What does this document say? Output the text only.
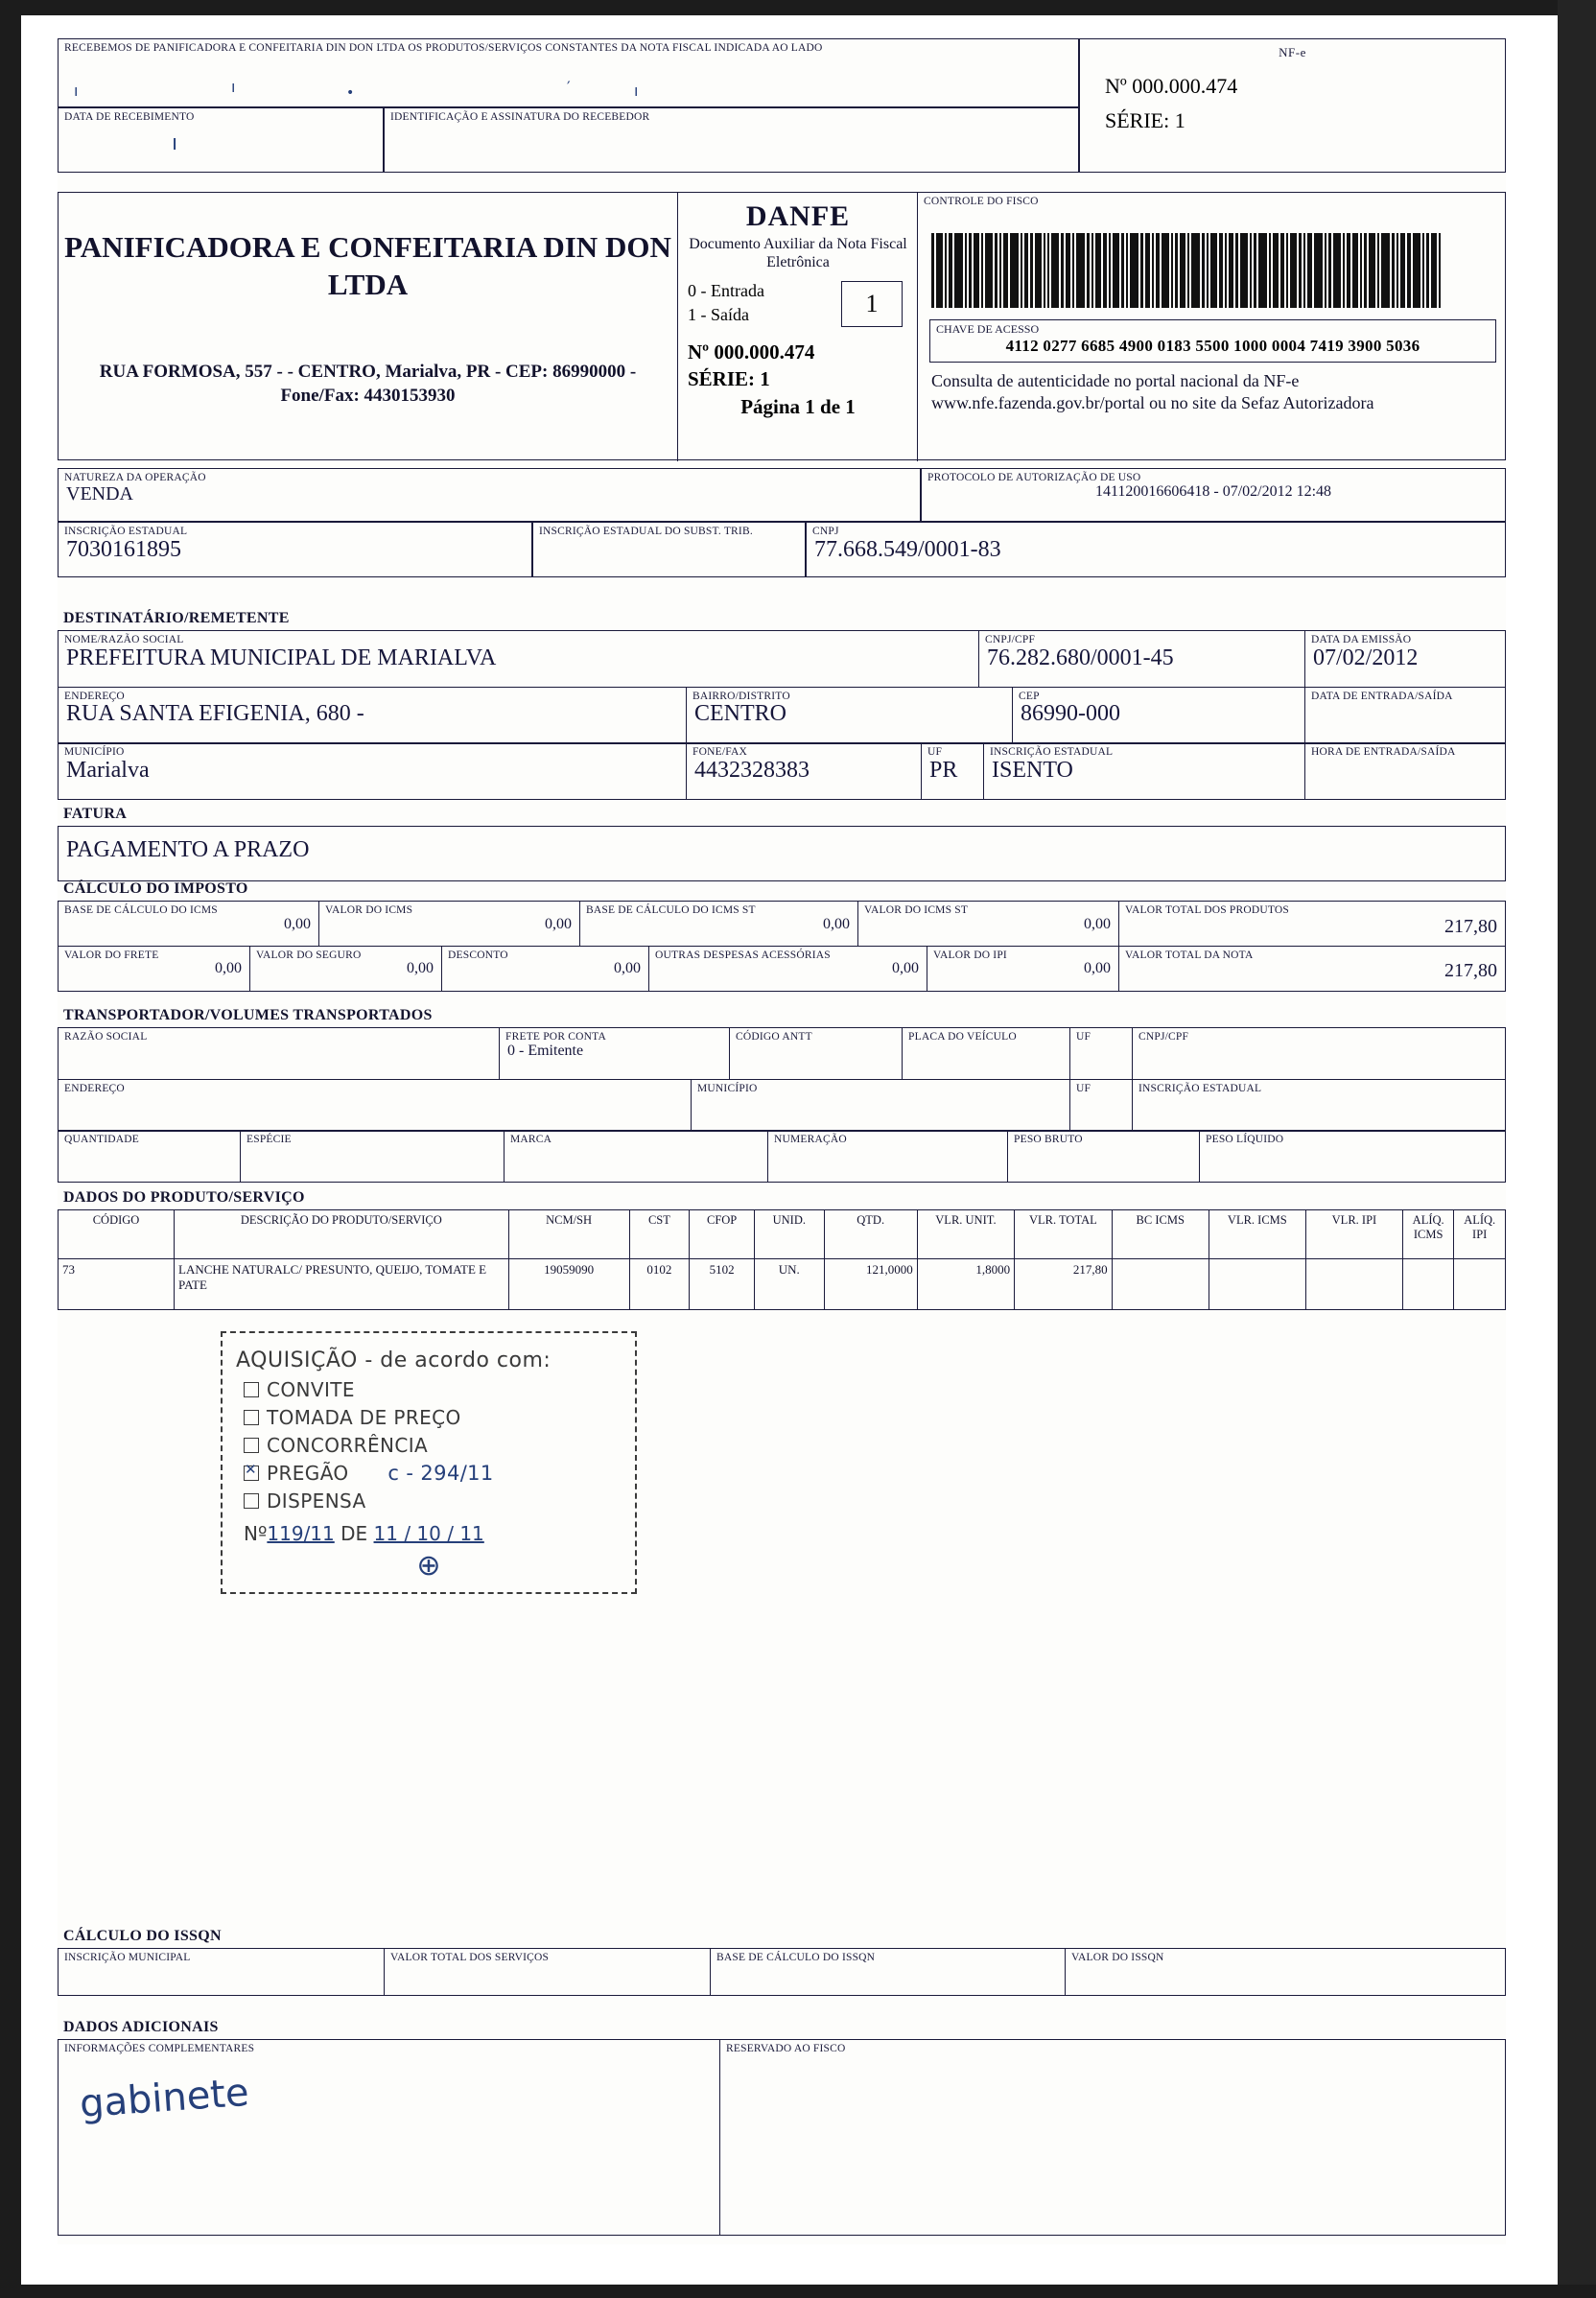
RECEBEMOS DE PANIFICADORA E CONFEITARIA DIN DON LTDA OS PRODUTOS/SERVIÇOS CONSTANTES DA NOTA FISCAL INDICADA AO LADO
ı	ı	•	′	ı
DATA DE RECEBIMENTO
ı
IDENTIFICAÇÃO E ASSINATURA DO RECEBEDOR
NF-e
Nº 000.000.474
SÉRIE: 1
PANIFICADORA E CONFEITARIA DIN DON LTDA
RUA FORMOSA, 557 - - CENTRO, Marialva, PR - CEP: 86990000 - Fone/Fax: 4430153930
DANFE
Documento Auxiliar da Nota Fiscal Eletrônica
0 - Entrada
1 - Saída	1
Nº 000.000.474
SÉRIE: 1
Página 1 de 1
CONTROLE DO FISCO
CHAVE DE ACESSO
4112 0277 6685 4900 0183 5500 1000 0004 7419 3900 5036
Consulta de autenticidade no portal nacional da NF-e www.nfe.fazenda.gov.br/portal ou no site da Sefaz Autorizadora
NATUREZA DA OPERAÇÃO
VENDA
PROTOCOLO DE AUTORIZAÇÃO DE USO
141120016606418 - 07/02/2012 12:48
INSCRIÇÃO ESTADUAL
7030161895
INSCRIÇÃO ESTADUAL DO SUBST. TRIB.	CNPJ
77.668.549/0001-83
DESTINATÁRIO/REMETENTE
NOME/RAZÃO SOCIAL
PREFEITURA MUNICIPAL DE MARIALVA
CNPJ/CPF
76.282.680/0001-45
DATA DA EMISSÃO
07/02/2012
ENDEREÇO
RUA SANTA EFIGENIA, 680 -
BAIRRO/DISTRITO
CENTRO
CEP
86990-000
DATA DE ENTRADA/SAÍDA
MUNICÍPIO
Marialva
FONE/FAX
4432328383
UF
PR
INSCRIÇÃO ESTADUAL
ISENTO
HORA DE ENTRADA/SAÍDA
FATURA
PAGAMENTO A PRAZO
CÁLCULO DO IMPOSTO
BASE DE CÁLCULO DO ICMS
0,00
VALOR DO ICMS
0,00
BASE DE CÁLCULO DO ICMS ST
0,00
VALOR DO ICMS ST
0,00
VALOR TOTAL DOS PRODUTOS
217,80
VALOR DO FRETE
0,00
VALOR DO SEGURO
0,00
DESCONTO
0,00
OUTRAS DESPESAS ACESSÓRIAS
0,00
VALOR DO IPI
0,00
VALOR TOTAL DA NOTA
217,80
TRANSPORTADOR/VOLUMES TRANSPORTADOS
RAZÃO SOCIAL	FRETE POR CONTA
0 - Emitente
CÓDIGO ANTT	PLACA DO VEÍCULO	UF	CNPJ/CPF
ENDEREÇO	MUNICÍPIO	UF	INSCRIÇÃO ESTADUAL
QUANTIDADE	ESPÉCIE	MARCA	NUMERAÇÃO	PESO BRUTO	PESO LÍQUIDO
DADOS DO PRODUTO/SERVIÇO
CÓDIGO	DESCRIÇÃO DO PRODUTO/SERVIÇO	NCM/SH	CST	CFOP	UNID.	QTD.	VLR. UNIT.	VLR. TOTAL	BC ICMS	VLR. ICMS	VLR. IPI	ALÍQ. ICMS	ALÍQ. IPI
73	LANCHE NATURALC/ PRESUNTO, QUEIJO, TOMATE E PATE	19059090	0102	5102	UN.	121,0000	1,8000	217,80					
AQUISIÇÃO - de acordo com:
CONVITE
TOMADA DE PREÇO
CONCORRÊNCIA
✕PREGÃO c - 294/11
DISPENSA
Nº119/11 DE 11 / 10 / 11
⊕
CÁLCULO DO ISSQN
INSCRIÇÃO MUNICIPAL	VALOR TOTAL DOS SERVIÇOS	BASE DE CÁLCULO DO ISSQN	VALOR DO ISSQN
DADOS ADICIONAIS
INFORMAÇÕES COMPLEMENTARES
gabinete
RESERVADO AO FISCO
